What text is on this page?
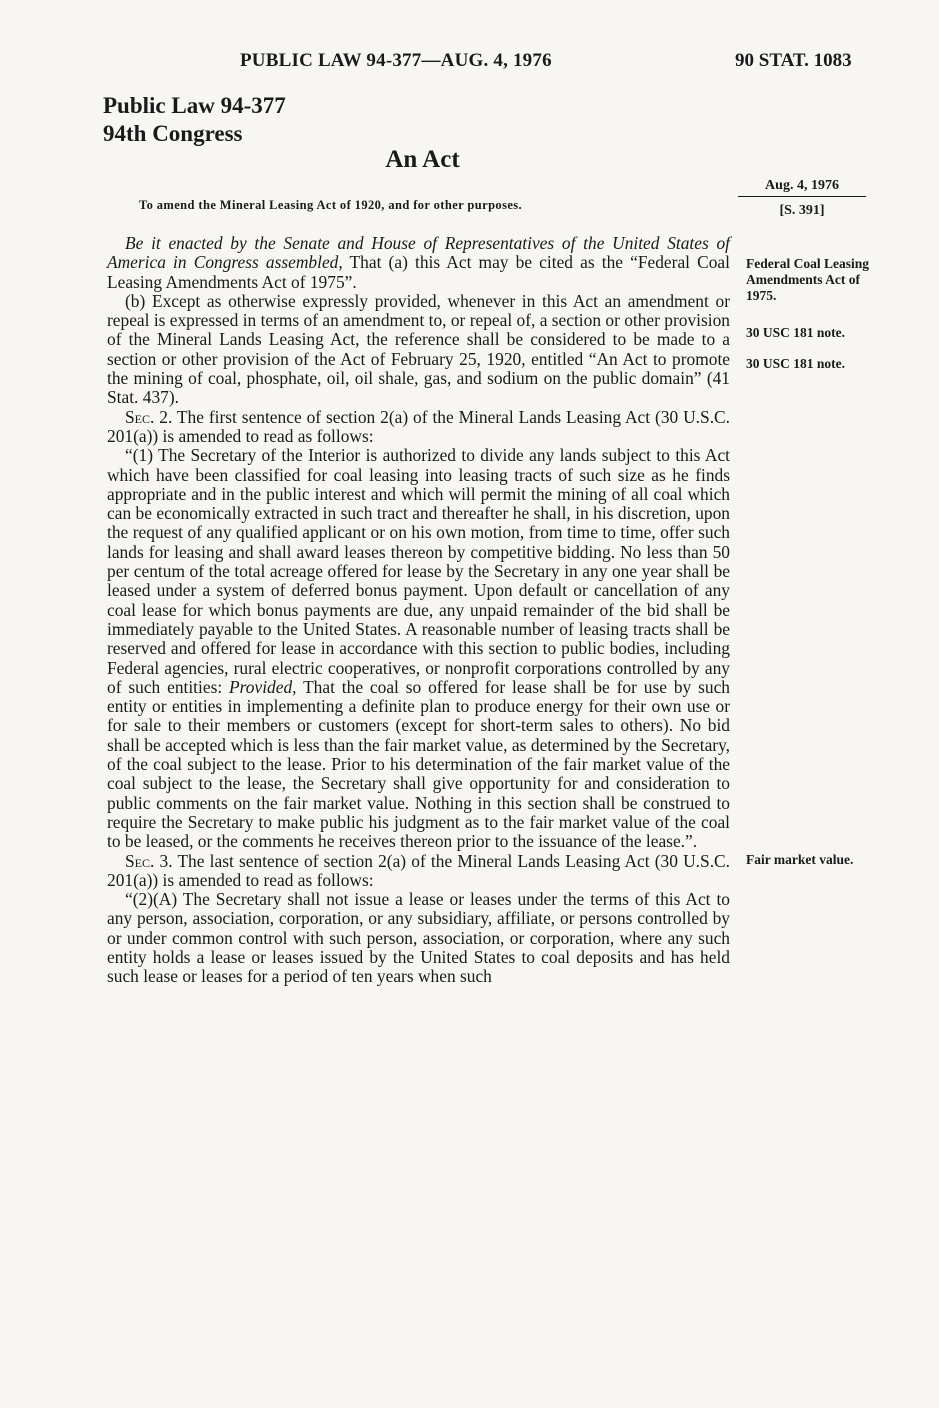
PUBLIC LAW 94-377—AUG. 4, 1976	90 STAT. 1083
Public Law 94-377
94th Congress
An Act
To amend the Mineral Leasing Act of 1920, and for other purposes.
Aug. 4, 1976
[S. 391]
Federal Coal Leasing Amendments Act of 1975.
30 USC 181 note.
30 USC 181 note.
Fair market value.

Be it enacted by the Senate and House of Representatives of the United States of America in Congress assembled, That (a) this Act may be cited as the “Federal Coal Leasing Amendments Act of 1975”.

(b) Except as otherwise expressly provided, whenever in this Act an amendment or repeal is expressed in terms of an amendment to, or repeal of, a section or other provision of the Mineral Lands Leasing Act, the reference shall be considered to be made to a section or other provision of the Act of February 25, 1920, entitled “An Act to promote the mining of coal, phosphate, oil, oil shale, gas, and sodium on the public domain” (41 Stat. 437).

Sec. 2. The first sentence of section 2(a) of the Mineral Lands Leasing Act (30 U.S.C. 201(a)) is amended to read as follows:

“(1) The Secretary of the Interior is authorized to divide any lands subject to this Act which have been classified for coal leasing into leasing tracts of such size as he finds appropriate and in the public interest and which will permit the mining of all coal which can be economically extracted in such tract and thereafter he shall, in his discretion, upon the request of any qualified applicant or on his own motion, from time to time, offer such lands for leasing and shall award leases thereon by competitive bidding. No less than 50 per centum of the total acreage offered for lease by the Secretary in any one year shall be leased under a system of deferred bonus payment. Upon default or cancellation of any coal lease for which bonus payments are due, any unpaid remainder of the bid shall be immediately payable to the United States. A reasonable number of leasing tracts shall be reserved and offered for lease in accordance with this section to public bodies, including Federal agencies, rural electric cooperatives, or nonprofit corporations controlled by any of such entities: Provided, That the coal so offered for lease shall be for use by such entity or entities in implementing a definite plan to produce energy for their own use or for sale to their members or customers (except for short-term sales to others). No bid shall be accepted which is less than the fair market value, as determined by the Secretary, of the coal subject to the lease. Prior to his determination of the fair market value of the coal subject to the lease, the Secretary shall give opportunity for and consideration to public comments on the fair market value. Nothing in this section shall be construed to require the Secretary to make public his judgment as to the fair market value of the coal to be leased, or the comments he receives thereon prior to the issuance of the lease.”.

Sec. 3. The last sentence of section 2(a) of the Mineral Lands Leasing Act (30 U.S.C. 201(a)) is amended to read as follows:

“(2)(A) The Secretary shall not issue a lease or leases under the terms of this Act to any person, association, corporation, or any subsidiary, affiliate, or persons controlled by or under common control with such person, association, or corporation, where any such entity holds a lease or leases issued by the United States to coal deposits and has held such lease or leases for a period of ten years when such
